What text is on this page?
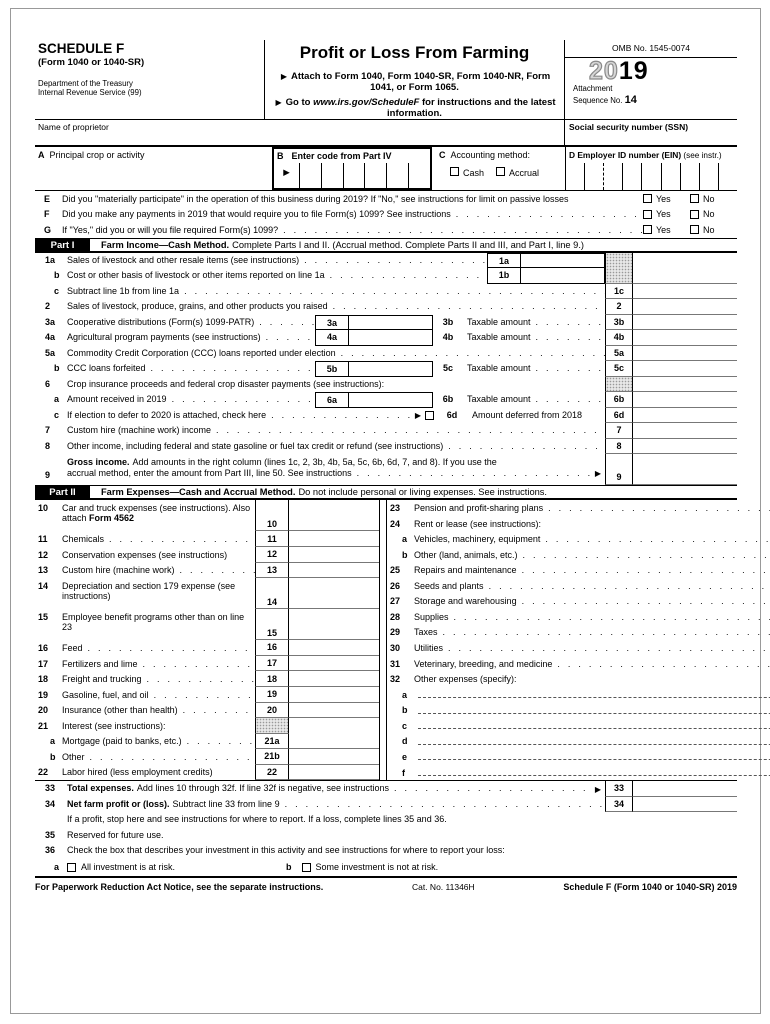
SCHEDULE F
(Form 1040 or 1040-SR)
Department of the Treasury
Internal Revenue Service (99)
Profit or Loss From Farming
▶ Attach to Form 1040, Form 1040-SR, Form 1040-NR, Form 1041, or Form 1065.
▶ Go to www.irs.gov/ScheduleF for instructions and the latest information.
OMB No. 1545-0074
2019
Attachment
Sequence No. 14
Name of proprietor	Social security number (SSN)
A Principal crop or activity	B Enter code from Part IV
▶
C Accounting method:
Cash	Accrual
D Employer ID number (EIN) (see instr.)
E	Did you "materially participate" in the operation of this business during 2019? If "No," see instructions for limit on passive losses	Yes	No
F	Did you make any payments in 2019 that would require you to file Form(s) 1099? See instructions . . .	Yes	No
G	If "Yes," did you or will you file required Form(s) 1099? . . .	Yes	No
Part I	Farm Income—Cash Method. Complete Parts I and II. (Accrual method. Complete Parts II and III, and Part I, line 9.)
1a	Sales of livestock and other resale items (see instructions) . . .	1a
b Cost or other basis of livestock or other items reported on line 1a . . .	1b
c Subtract line 1b from line 1a . . .	1c
2	Sales of livestock, produce, grains, and other products you raised . . .	2
3a	Cooperative distributions (Form(s) 1099-PATR) . . .	3a	3b	Taxable amount . . .	3b
4a	Agricultural program payments (see instructions) . . .	4a	4b	Taxable amount . . .	4b
5a	Commodity Credit Corporation (CCC) loans reported under election . . .	5a
b CCC loans forfeited . . .	5b	5c	Taxable amount . . .	5c
6	Crop insurance proceeds and federal crop disaster payments (see instructions):
a Amount received in 2019 . . .	6a	6b	Taxable amount . . .	6b
c If election to defer to 2020 is attached, check here . . .	▶	6d	Amount deferred from 2018	6d
7	Custom hire (machine work) income . . .	7
8	Other income, including federal and state gasoline or fuel tax credit or refund (see instructions) . . .	8
9
Gross income. Add amounts in the right column (lines 1c, 2, 3b, 4b, 5a, 5c, 6b, 6d, 7, and 8). If you use the
accrual method, enter the amount from Part III, line 50. See instructions . . .	▶	9
Part II	Farm Expenses—Cash and Accrual Method. Do not include personal or living expenses. See instructions.
10	Car and truck expenses (see instructions). Also attach Form 4562
10
11	Chemicals . . .	11
12	Conservation expenses (see instructions)	12
13	Custom hire (machine work) . . .	13
14	Depreciation and section 179 expense (see instructions)
14
15	Employee benefit programs other than on line 23
15
16	Feed . . .	16
17	Fertilizers and lime . . .	17
18	Freight and trucking . . .	18
19	Gasoline, fuel, and oil . . .	19
20	Insurance (other than health) . . .	20
21	Interest (see instructions):
a Mortgage (paid to banks, etc.) . . .	21a
b Other . . .	21b
22	Labor hired (less employment credits)	22
23	Pension and profit-sharing plans
. . .
24	Rent or lease (see instructions):
a Vehicles, machinery, equipment
. . .
b Other (land, animals, etc.)
. . .
25	Repairs and maintenance
. . .
26	Seeds and plants
. . .
27	Storage and warehousing
. . .
28	Supplies
. . .
29	Taxes
. . .
30	Utilities
. . .
31	Veterinary, breeding, and medicine
. . .
32	Other expenses (specify):
a
b
c
d
e
f
33	Total expenses. Add lines 10 through 32f. If line 32f is negative, see instructions . . .	▶	33
34	Net farm profit or (loss). Subtract line 33 from line 9 . . .	34
If a profit, stop here and see instructions for where to report. If a loss, complete lines 35 and 36.
35	Reserved for future use.
36	Check the box that describes your investment in this activity and see instructions for where to report your loss:
a	All investment is at risk.	b	Some investment is not at risk.
For Paperwork Reduction Act Notice, see the separate instructions.	Cat. No. 11346H	Schedule F (Form 1040 or 1040-SR) 2019
